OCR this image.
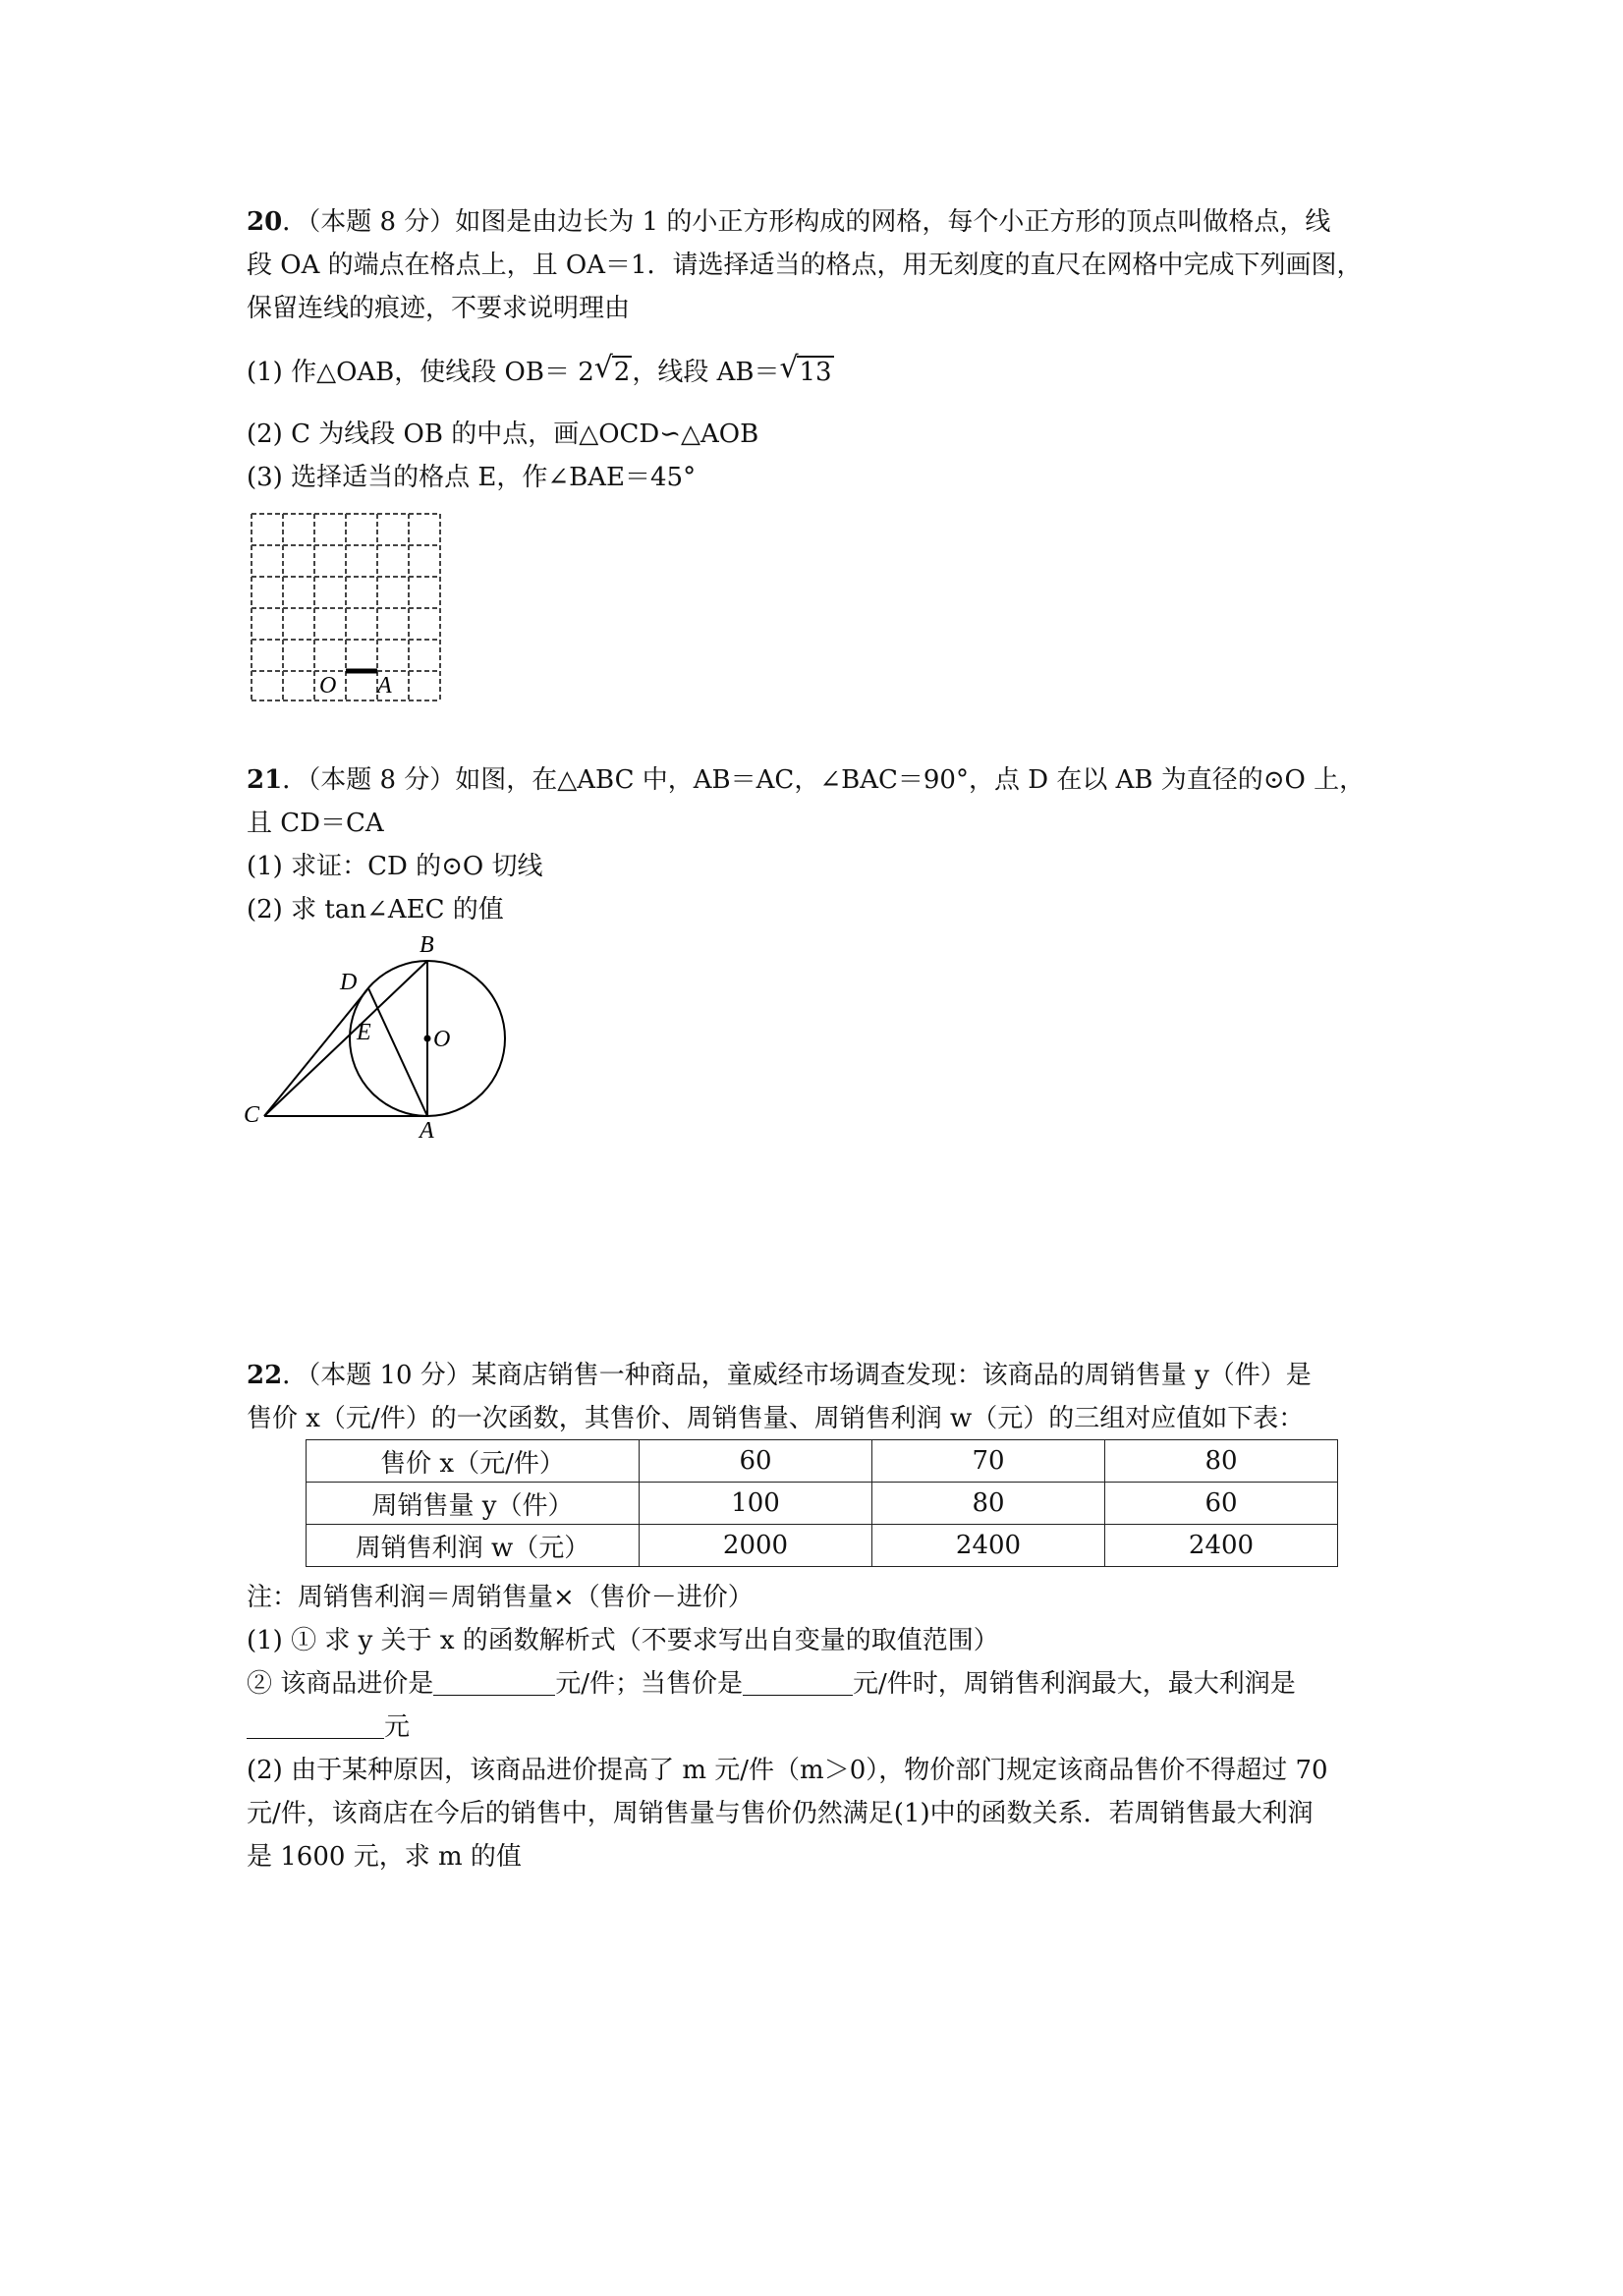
20．（本题 8 分）如图是由边长为 1 的小正方形构成的网格，每个小正方形的顶点叫做格点，线
段 OA 的端点在格点上，且 OA＝1．请选择适当的格点，用无刻度的直尺在网格中完成下列画图，
保留连线的痕迹，不要求说明理由
(1) 作△OAB，使线段 OB＝ 2 √ 2，线段 AB＝ √ 13
(2) C 为线段 OB 的中点，画△OCD∽△AOB
(3) 选择适当的格点 E，作∠BAE＝45°
O A
21．（本题 8 分）如图，在△ABC 中，AB＝AC，∠BAC＝90°，点 D 在以 AB 为直径的⊙O 上，
且 CD＝CA
(1) 求证：CD 的⊙O 切线
(2) 求 tan∠AEC 的值
B
D
E	O
C
A
22．（本题 10 分）某商店销售一种商品，童威经市场调查发现：该商品的周销售量 y（件）是
售价 x（元/件）的一次函数，其售价、周销售量、周销售利润 w（元）的三组对应值如下表：
售价 x（元/件）	60	70	80
周销售量 y（件）	100	80	60
周销售利润 w（元）	2000	2400	2400
注：周销售利润＝周销售量×（售价－进价）
(1) ① 求 y 关于 x 的函数解析式（不要求写出自变量的取值范围）
② 该商品进价是	元/件；当售价是	元/件时，周销售利润最大，最大利润是
元
(2) 由于某种原因，该商品进价提高了 m 元/件（m＞0），物价部门规定该商品售价不得超过 70
元/件，该商店在今后的销售中，周销售量与售价仍然满足(1)中的函数关系．若周销售最大利润
是 1600 元，求 m 的值
